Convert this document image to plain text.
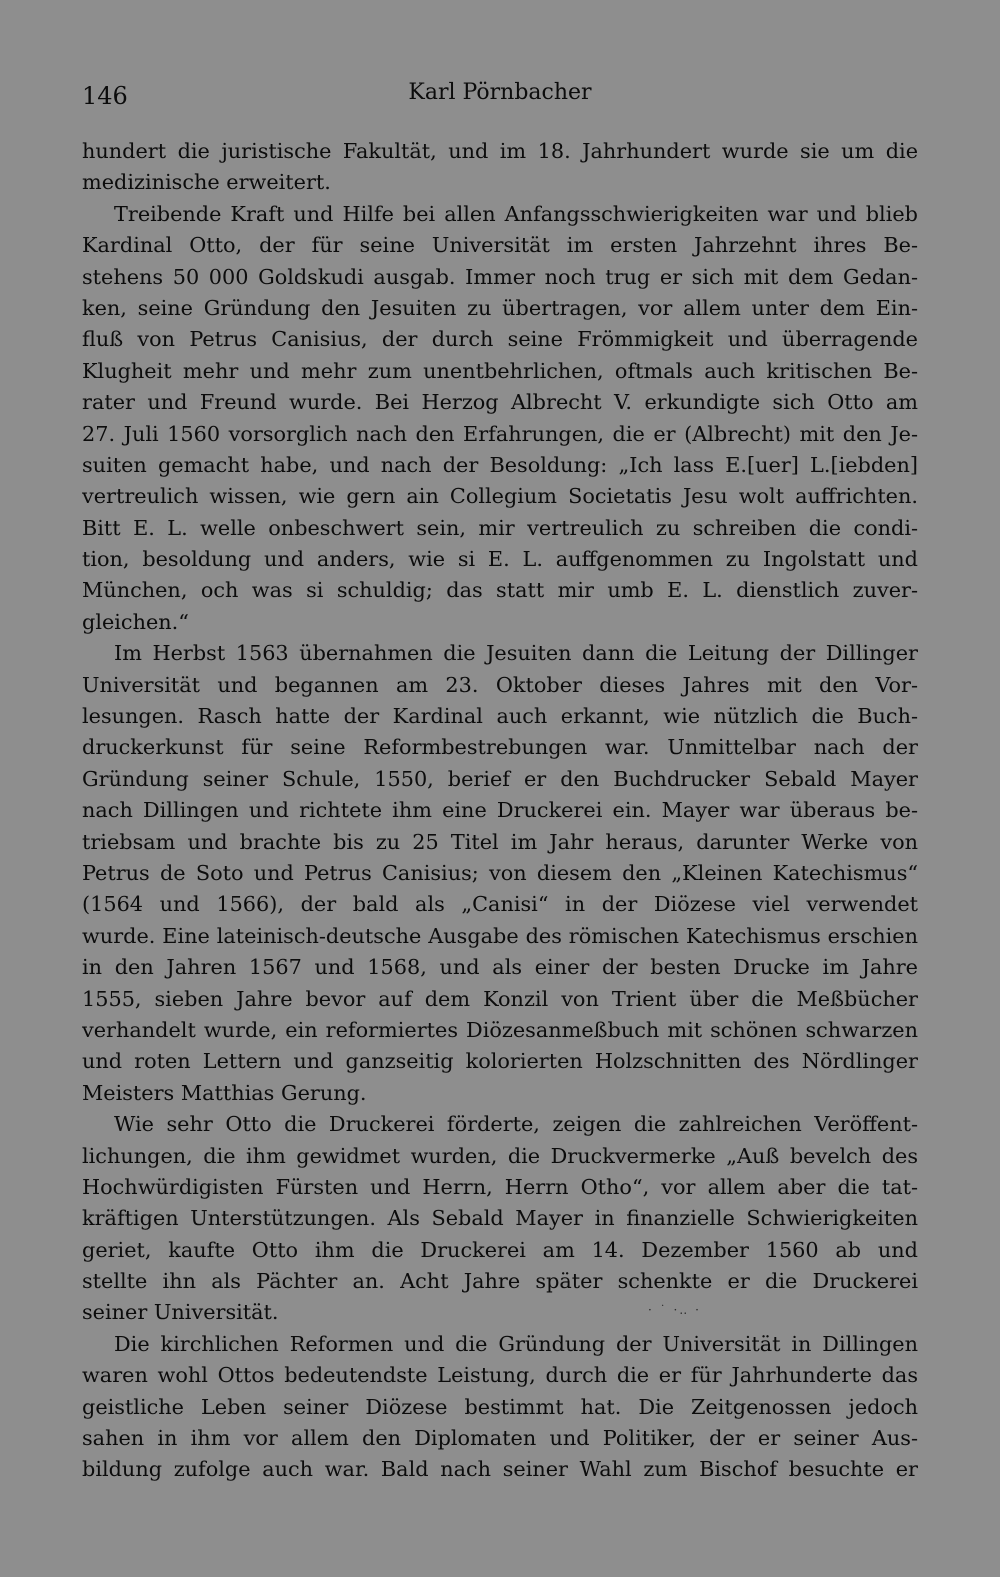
146	Karl Pörnbacher
hundert die juristische Fakultät, und im 18. Jahrhundert wurde sie um die
medizinische erweitert.
Treibende Kraft und Hilfe bei allen Anfangsschwierigkeiten war und blieb
Kardinal Otto, der für seine Universität im ersten Jahrzehnt ihres Be-
stehens 50 000 Goldskudi ausgab. Immer noch trug er sich mit dem Gedan-
ken, seine Gründung den Jesuiten zu übertragen, vor allem unter dem Ein-
fluß von Petrus Canisius, der durch seine Frömmigkeit und überragende
Klugheit mehr und mehr zum unentbehrlichen, oftmals auch kritischen Be-
rater und Freund wurde. Bei Herzog Albrecht V. erkundigte sich Otto am
27. Juli 1560 vorsorglich nach den Erfahrungen, die er (Albrecht) mit den Je-
suiten gemacht habe, und nach der Besoldung: „Ich lass E.[uer] L.[iebden]
vertreulich wissen, wie gern ain Collegium Societatis Jesu wolt auffrichten.
Bitt E. L. welle onbeschwert sein, mir vertreulich zu schreiben die condi-
tion, besoldung und anders, wie si E. L. auffgenommen zu Ingolstatt und
München, och was si schuldig; das statt mir umb E. L. dienstlich zuver-
gleichen.“
Im Herbst 1563 übernahmen die Jesuiten dann die Leitung der Dillinger
Universität und begannen am 23. Oktober dieses Jahres mit den Vor-
lesungen. Rasch hatte der Kardinal auch erkannt, wie nützlich die Buch-
druckerkunst für seine Reformbestrebungen war. Unmittelbar nach der
Gründung seiner Schule, 1550, berief er den Buchdrucker Sebald Mayer
nach Dillingen und richtete ihm eine Druckerei ein. Mayer war überaus be-
triebsam und brachte bis zu 25 Titel im Jahr heraus, darunter Werke von
Petrus de Soto und Petrus Canisius; von diesem den „Kleinen Katechismus“
(1564 und 1566), der bald als „Canisi“ in der Diözese viel verwendet
wurde. Eine lateinisch-deutsche Ausgabe des römischen Katechismus erschien
in den Jahren 1567 und 1568, und als einer der besten Drucke im Jahre
1555, sieben Jahre bevor auf dem Konzil von Trient über die Meßbücher
verhandelt wurde, ein reformiertes Diözesanmeßbuch mit schönen schwarzen
und roten Lettern und ganzseitig kolorierten Holzschnitten des Nördlinger
Meisters Matthias Gerung.
Wie sehr Otto die Druckerei förderte, zeigen die zahlreichen Veröffent-
lichungen, die ihm gewidmet wurden, die Druckvermerke „Auß bevelch des
Hochwürdigisten Fürsten und Herrn, Herrn Otho“, vor allem aber die tat-
kräftigen Unterstützungen. Als Sebald Mayer in finanzielle Schwierigkeiten
geriet, kaufte Otto ihm die Druckerei am 14. Dezember 1560 ab und
stellte ihn als Pächter an. Acht Jahre später schenkte er die Druckerei
seiner Universität.
Die kirchlichen Reformen und die Gründung der Universität in Dillingen
waren wohl Ottos bedeutendste Leistung, durch die er für Jahrhunderte das
geistliche Leben seiner Diözese bestimmt hat. Die Zeitgenossen jedoch
sahen in ihm vor allem den Diplomaten und Politiker, der er seiner Aus-
bildung zufolge auch war. Bald nach seiner Wahl zum Bischof besuchte er
· ˙ ·‥ ·
